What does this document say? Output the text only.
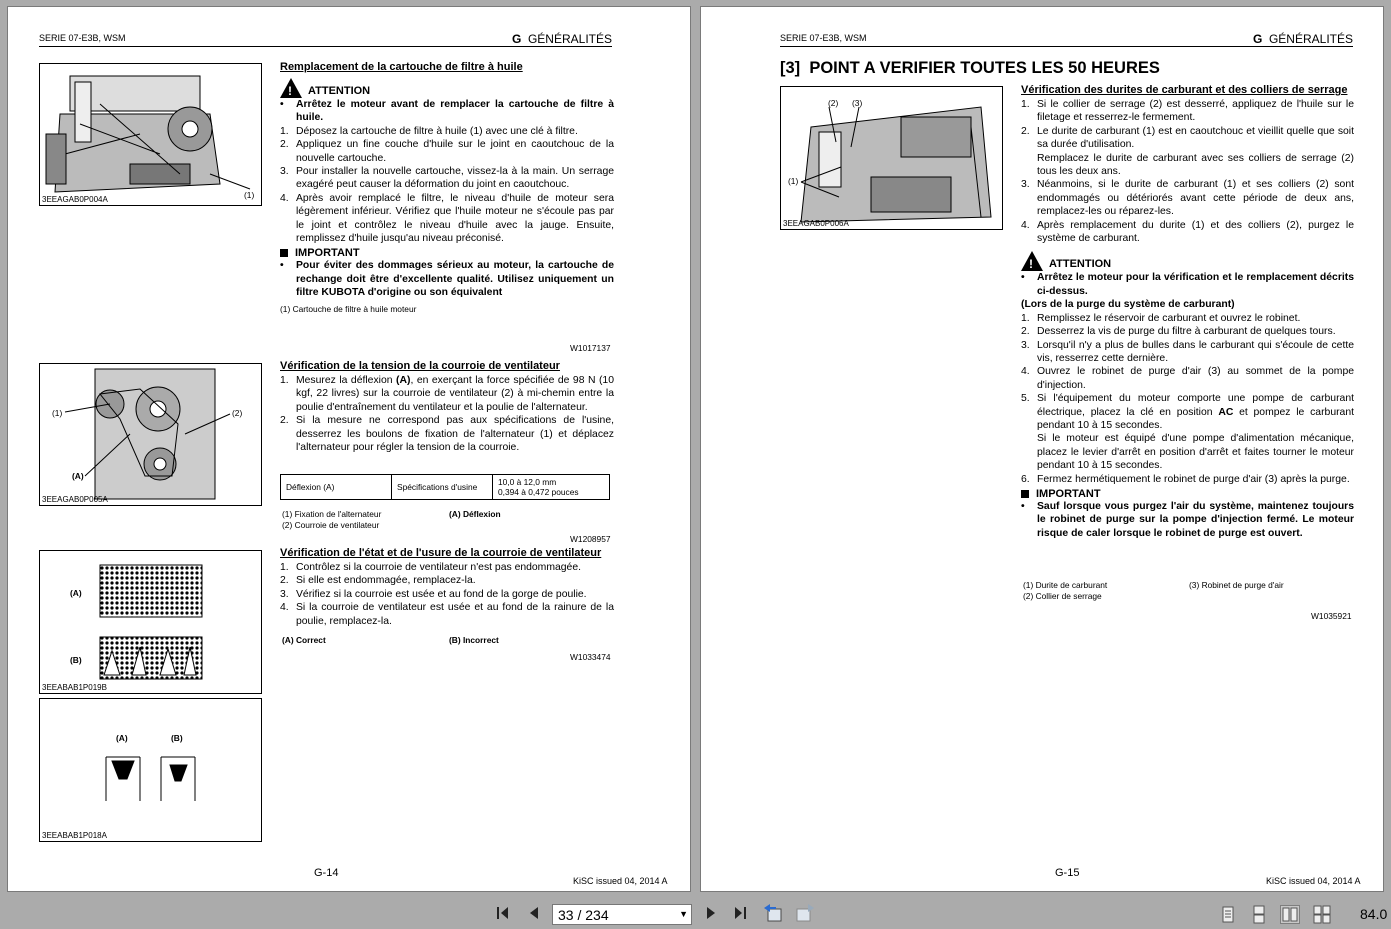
SERIE 07-E3B, WSM	G GÉNÉRALITÉS
(1)
3EEAGAB0P004A
(1)	(2)
(A)
3EEAGAB0P005A
(A)
(B)
3EEABAB1P019B
(A)	(B)
3EEABAB1P018A
Remplacement de la cartouche de filtre à huile
!
ATTENTION
• Arrêtez le moteur avant de remplacer la cartouche de filtre à huile.
1. Déposez la cartouche de filtre à huile (1) avec une clé à filtre.
2. Appliquez un fine couche d'huile sur le joint en caoutchouc de la nouvelle cartouche.
3. Pour installer la nouvelle cartouche, vissez-la à la main. Un serrage exagéré peut causer la déformation du joint en caoutchouc.
4. Après avoir remplacé le filtre, le niveau d'huile de moteur sera légèrement inférieur. Vérifiez que l'huile moteur ne s'écoule pas par le joint et contrôlez le niveau d'huile avec la jauge. Ensuite, remplissez d'huile jusqu'au niveau préconisé.
IMPORTANT
• Pour éviter des dommages sérieux au moteur, la cartouche de rechange doit être d'excellente qualité. Utilisez uniquement un filtre KUBOTA d'origine ou son équivalent
(1) Cartouche de filtre à huile moteur
W1017137
Vérification de la tension de la courroie de ventilateur
1. Mesurez la déflexion (A), en exerçant la force spécifiée de 98 N (10 kgf, 22 livres) sur la courroie de ventilateur (2) à mi-chemin entre la poulie d'entraînement du ventilateur et la poulie de l'alternateur.
2. Si la mesure ne correspond pas aux spécifications de l'usine, desserrez les boulons de fixation de l'alternateur (1) et déplacez l'alternateur pour régler la tension de la courroie.
Déflexion (A)	Spécifications d'usine	10,0 à 12,0 mm
0,394 à 0,472 pouces
(1) Fixation de l'alternateur
(2) Courroie de ventilateur
(A) Déflexion
W1208957
Vérification de l'état et de l'usure de la courroie de ventilateur
1. Contrôlez si la courroie de ventilateur n'est pas endommagée.
2. Si elle est endommagée, remplacez-la.
3. Vérifiez si la courroie est usée et au fond de la gorge de poulie.
4. Si la courroie de ventilateur est usée et au fond de la rainure de la poulie, remplacez-la.
(A) Correct	(B) Incorrect
W1033474
G-14
KiSC issued 04, 2014 A
SERIE 07-E3B, WSM	G GÉNÉRALITÉS
[3]  POINT A VERIFIER TOUTES LES 50 HEURES
(2) (3)
(1)
3EEAGAB0P006A
Vérification des durites de carburant et des colliers de serrage
1. Si le collier de serrage (2) est desserré, appliquez de l'huile sur le filetage et resserrez-le fermement.
2. Le durite de carburant (1) est en caoutchouc et vieillit quelle que soit sa durée d'utilisation.
Remplacez le durite de carburant avec ses colliers de serrage (2) tous les deux ans.
3. Néanmoins, si le durite de carburant (1) et ses colliers (2) sont endommagés ou détériorés avant cette période de deux ans, remplacez-les ou réparez-les.
4. Après remplacement du durite (1) et des colliers (2), purgez le système de carburant.
!
ATTENTION
• Arrêtez le moteur pour la vérification et le remplacement décrits ci-dessus.
(Lors de la purge du système de carburant)
1. Remplissez le réservoir de carburant et ouvrez le robinet.
2. Desserrez la vis de purge du filtre à carburant de quelques tours.
3. Lorsqu'il n'y a plus de bulles dans le carburant qui s'écoule de cette vis, resserrez cette dernière.
4. Ouvrez le robinet de purge d'air (3) au sommet de la pompe d'injection.
5. Si l'équipement du moteur comporte une pompe de carburant électrique, placez la clé en position AC et pompez le carburant pendant 10 à 15 secondes.
Si le moteur est équipé d'une pompe d'alimentation mécanique, placez le levier d'arrêt en position d'arrêt et faites tourner le moteur pendant 10 à 15 secondes.
6. Fermez hermétiquement le robinet de purge d'air (3) après la purge.
IMPORTANT
• Sauf lorsque vous purgez l'air du système, maintenez toujours le robinet de purge sur la pompe d'injection fermé. Le moteur risque de caler lorsque le robinet de purge est ouvert.
(1) Durite de carburant
(2) Collier de serrage
(3) Robinet de purge d'air
W1035921
G-15
KiSC issued 04, 2014 A
33 / 234	▼	84.0
